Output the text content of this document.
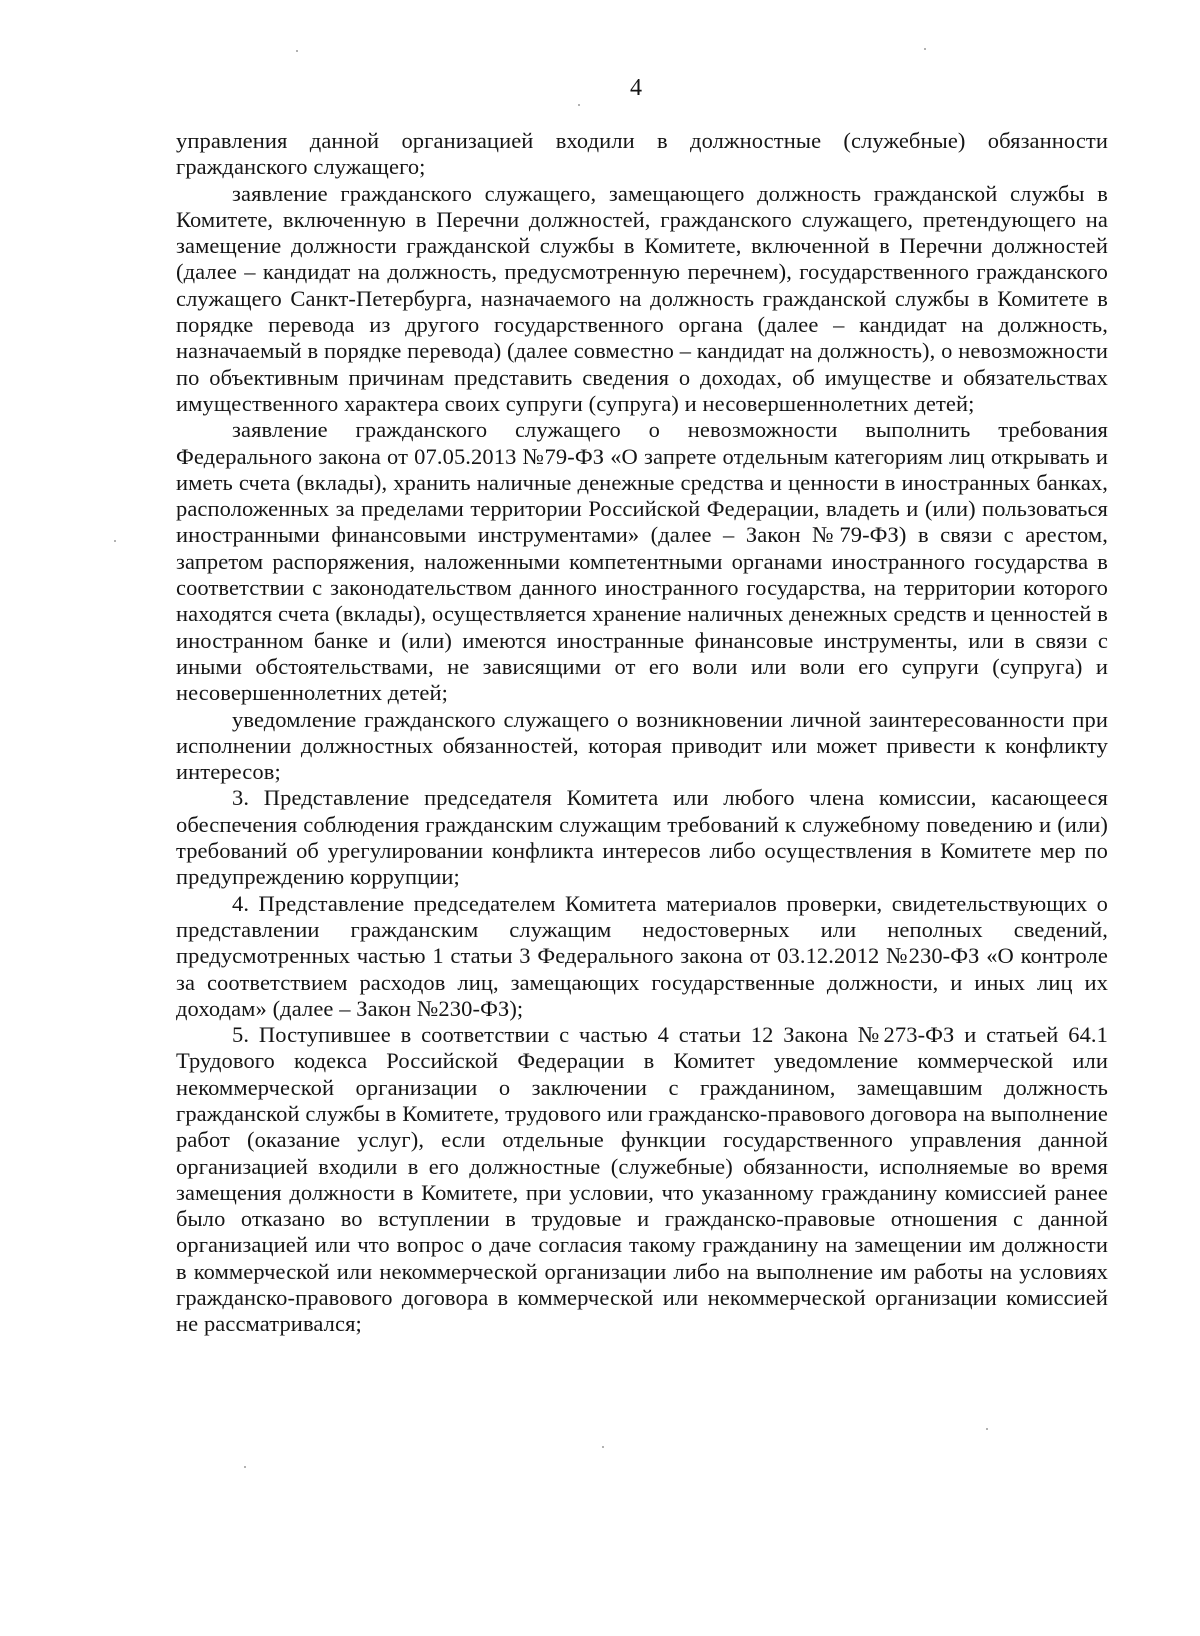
4

управления данной организацией входили в должностные (служебные) обязанности гражданского служащего;

заявление гражданского служащего, замещающего должность гражданской службы в Комитете, включенную в Перечни должностей, гражданского служащего, претендующего на замещение должности гражданской службы в Комитете, включенной в Перечни должностей (далее – кандидат на должность, предусмотренную перечнем), государственного гражданского служащего Санкт-Петербурга, назначаемого на должность гражданской службы в Комитете в порядке перевода из другого государственного органа (далее – кандидат на должность, назначаемый в порядке перевода) (далее совместно – кандидат на должность), о невозможности по объективным причинам представить сведения о доходах, об имуществе и обязательствах имущественного характера своих супруги (супруга) и несовершеннолетних детей;

заявление гражданского служащего о невозможности выполнить требования Федерального закона от 07.05.2013 №79-ФЗ «О запрете отдельным категориям лиц открывать и иметь счета (вклады), хранить наличные денежные средства и ценности в иностранных банках, расположенных за пределами территории Российской Федерации, владеть и (или) пользоваться иностранными финансовыми инструментами» (далее – Закон №79-ФЗ) в связи с арестом, запретом распоряжения, наложенными компетентными органами иностранного государства в соответствии с законодательством данного иностранного государства, на территории которого находятся счета (вклады), осуществляется хранение наличных денежных средств и ценностей в иностранном банке и (или) имеются иностранные финансовые инструменты, или в связи с иными обстоятельствами, не зависящими от его воли или воли его супруги (супруга) и несовершеннолетних детей;

уведомление гражданского служащего о возникновении личной заинтересованности при исполнении должностных обязанностей, которая приводит или может привести к конфликту интересов;

3. Представление председателя Комитета или любого члена комиссии, касающееся обеспечения соблюдения гражданским служащим требований к служебному поведению и (или) требований об урегулировании конфликта интересов либо осуществления в Комитете мер по предупреждению коррупции;

4. Представление председателем Комитета материалов проверки, свидетельствующих о представлении гражданским служащим недостоверных или неполных сведений, предусмотренных частью 1 статьи 3 Федерального закона от 03.12.2012 №230-ФЗ «О контроле за соответствием расходов лиц, замещающих государственные должности, и иных лиц их доходам» (далее – Закон №230-ФЗ);

5. Поступившее в соответствии с частью 4 статьи 12 Закона №273-ФЗ и статьей 64.1 Трудового кодекса Российской Федерации в Комитет уведомление коммерческой или некоммерческой организации о заключении с гражданином, замещавшим должность гражданской службы в Комитете, трудового или гражданско-правового договора на выполнение работ (оказание услуг), если отдельные функции государственного управления данной организацией входили в его должностные (служебные) обязанности, исполняемые во время замещения должности в Комитете, при условии, что указанному гражданину комиссией ранее было отказано во вступлении в трудовые и гражданско-правовые отношения с данной организацией или что вопрос о даче согласия такому гражданину на замещении им должности в коммерческой или некоммерческой организации либо на выполнение им работы на условиях гражданско-правового договора в коммерческой или некоммерческой организации комиссией не рассматривался;
